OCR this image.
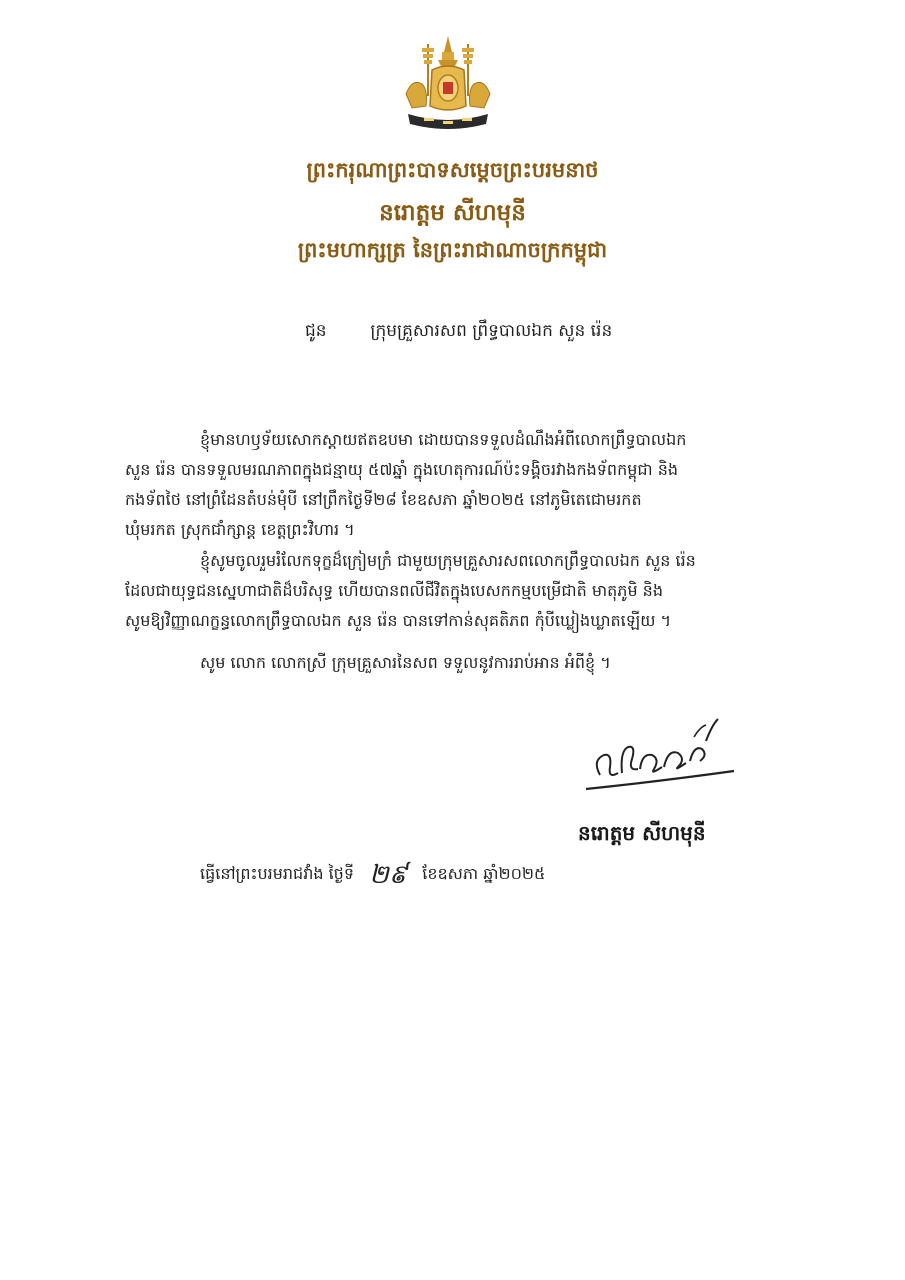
ព្រះករុណាព្រះបាទសម្តេចព្រះបរមនាថ
នរោត្តម សីហមុនី
ព្រះមហាក្សត្រ នៃព្រះរាជាណាចក្រកម្ពុជា
ជូន	ក្រុមគ្រួសារសព ព្រឹទ្ធបាលឯក សួន រ៉េន
ខ្ញុំមានហឫទ័យសោកស្តាយឥតឧបមា ដោយបានទទួលដំណឹងអំពីលោកព្រឹទ្ធបាលឯក
សួន រ៉េន បានទទួលមរណភាពក្នុងជន្មាយុ ៥៧ឆ្នាំ ក្នុងហេតុការណ៍ប៉ះទង្គិចរវាងកងទ័ពកម្ពុជា និង
កងទ័ពថៃ នៅព្រំដែនតំបន់មុំបី នៅព្រឹកថ្ងៃទី២៨ ខែឧសភា ឆ្នាំ២០២៥ នៅភូមិតេជោមរកត
ឃុំមរកត ស្រុកជាំក្សាន្ត ខេត្តព្រះវិហារ ។
ខ្ញុំសូមចូលរួមរំលែកទុក្ខដ៏ក្រៀមក្រំ ជាមួយក្រុមគ្រួសារសពលោកព្រឹទ្ធបាលឯក សួន រ៉េន
ដែលជាយុទ្ធជនស្នេហាជាតិដ៏បរិសុទ្ធ ហើយបានពលីជីវិតក្នុងបេសកកម្មបម្រើជាតិ មាតុភូមិ និង
សូមឱ្យវិញ្ញាណក្ខន្ធលោកព្រឹទ្ធបាលឯក សួន រ៉េន បានទៅកាន់សុគតិភព កុំបីឃ្លៀងឃ្លាតឡើយ ។
សូម លោក លោកស្រី ក្រុមគ្រួសារនៃសព ទទួលនូវការរាប់អាន អំពីខ្ញុំ ។
នរោត្តម សីហមុនី
ធ្វើនៅព្រះបរមរាជវាំង ថ្ងៃទី ២៩ ខែឧសភា ឆ្នាំ២០២៥
